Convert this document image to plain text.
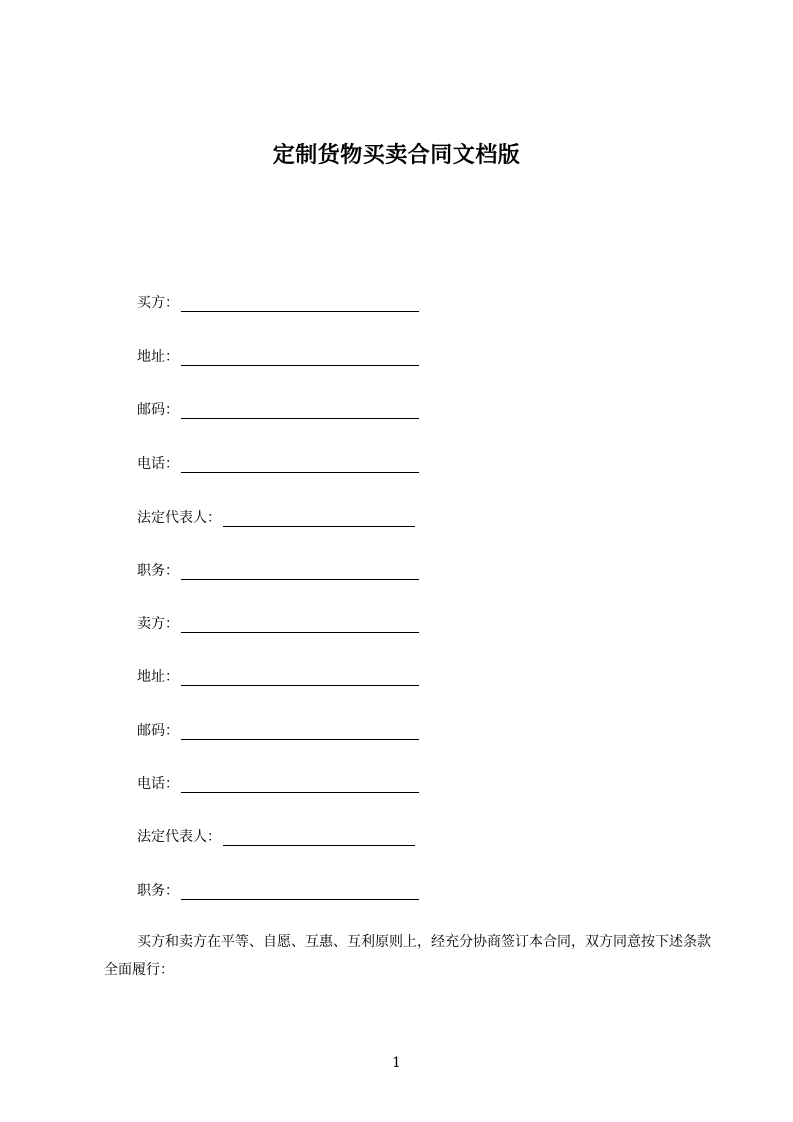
定制货物买卖合同文档版
买方：
地址：
邮码：
电话：
法定代表人：
职务：
卖方：
地址：
邮码：
电话：
法定代表人：
职务：
买方和卖方在平等、自愿、互惠、互利原则上，经充分协商签订本合同，双方同意按下述条款全面履行：
1
